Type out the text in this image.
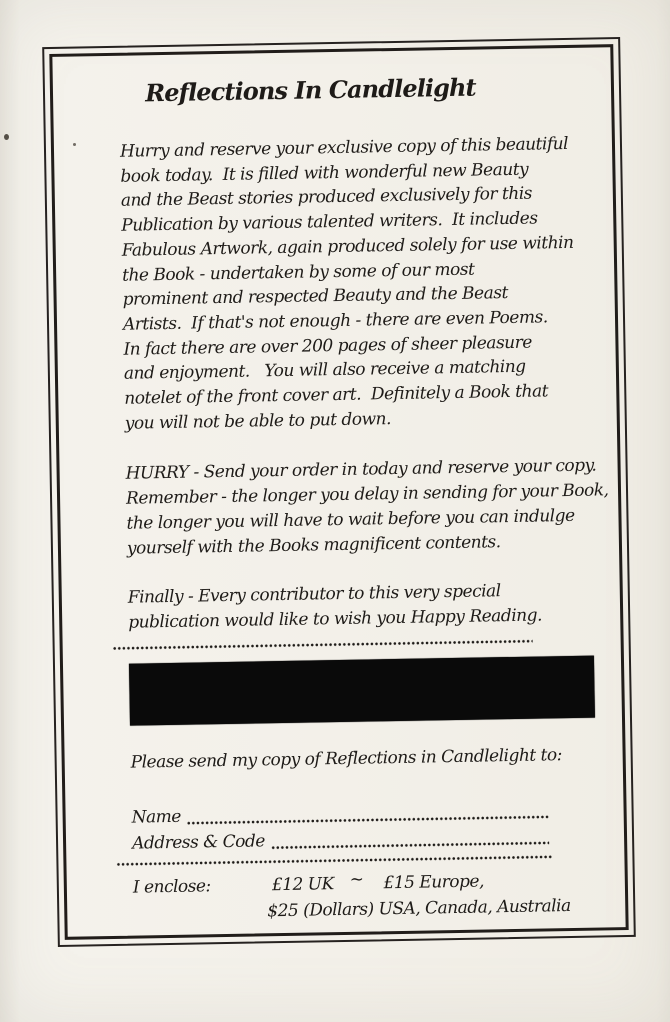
Reflections In Candlelight

Hurry and reserve your exclusive copy of this beautiful
book today.  It is filled with wonderful new Beauty
and the Beast stories produced exclusively for this
Publication by various talented writers.  It includes
Fabulous Artwork, again produced solely for use within
the Book - undertaken by some of our most
prominent and respected Beauty and the Beast
Artists.  If that's not enough - there are even Poems.
In fact there are over 200 pages of sheer pleasure
and enjoyment.   You will also receive a matching
notelet of the front cover art.  Definitely a Book that
you will not be able to put down.

HURRY - Send your order in today and reserve your copy.
Remember - the longer you delay in sending for your Book,
the longer you will have to wait before you can indulge
yourself with the Books magnificent contents.

Finally - Every contributor to this very special
publication would like to wish you Happy Reading.

Please send my copy of Reflections in Candlelight to:
Name
Address & Code
I enclose:	£12 UK ~ £15 Europe,
$25 (Dollars) USA, Canada, Australia
